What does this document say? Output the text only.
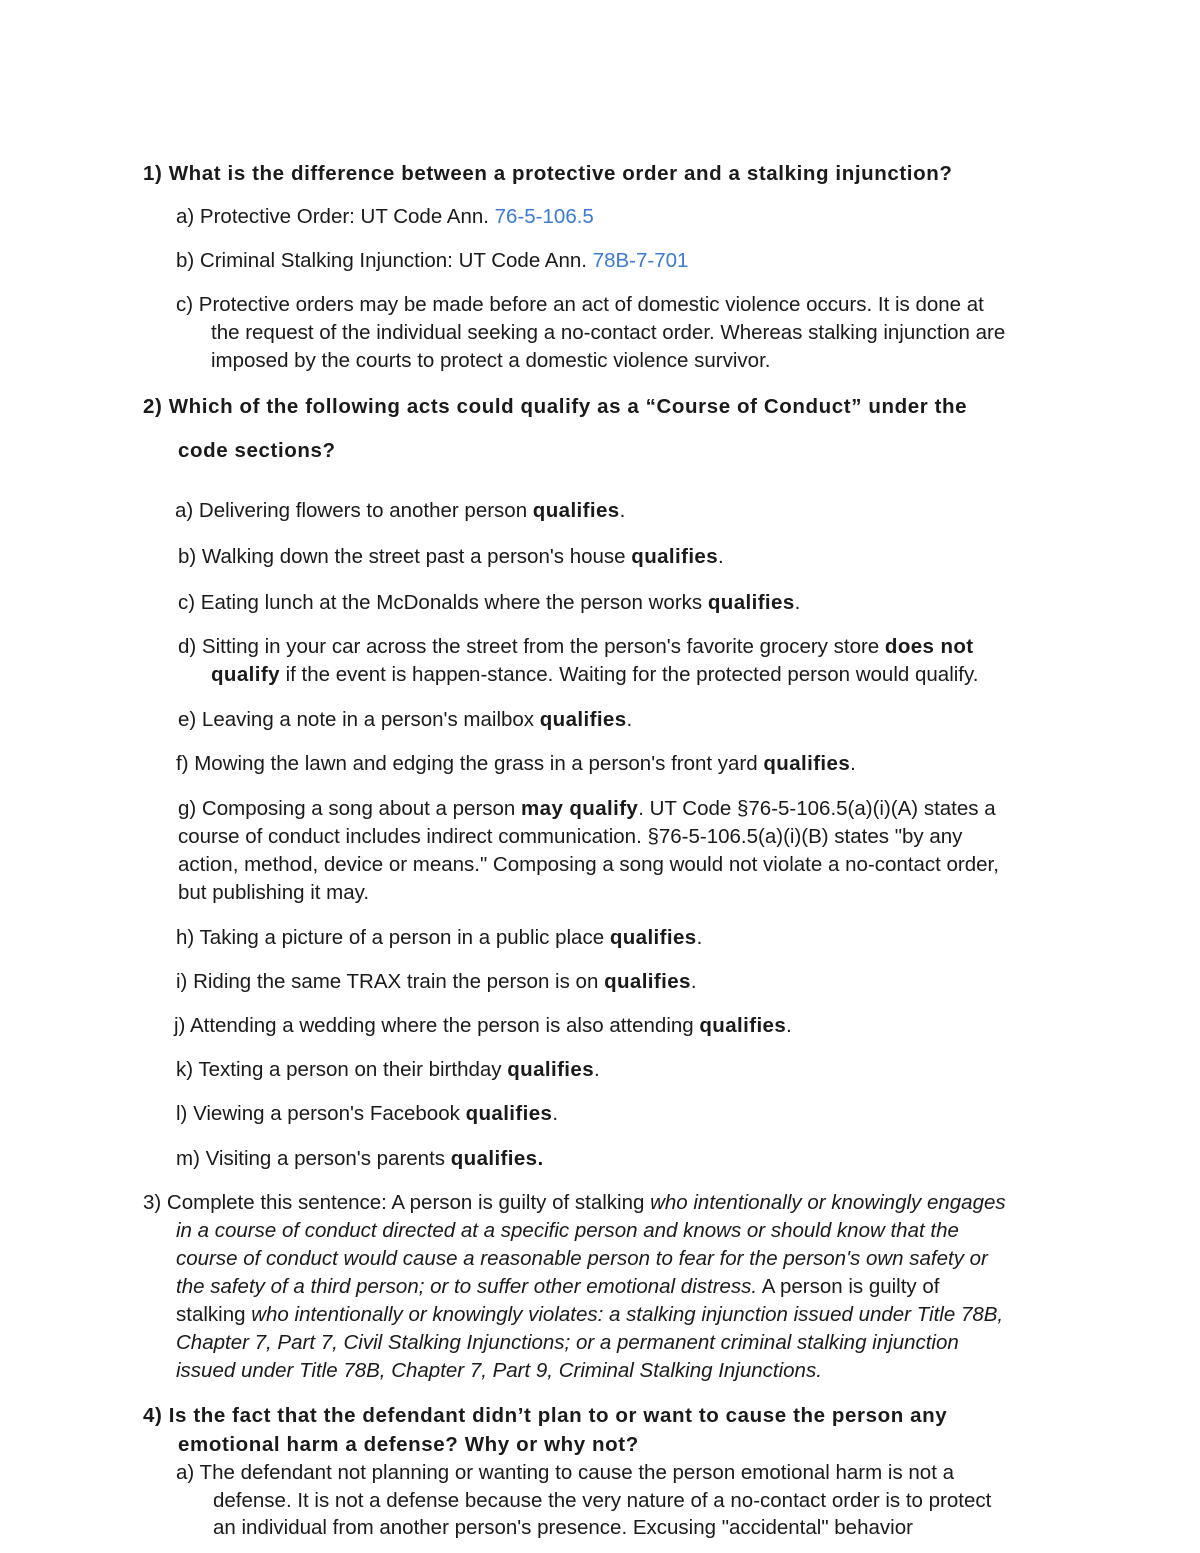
1) What is the difference between a protective order and a stalking injunction?
a) Protective Order: UT Code Ann. 76-5-106.5
b) Criminal Stalking Injunction: UT Code Ann. 78B-7-701
c) Protective orders may be made before an act of domestic violence occurs. It is done at
the request of the individual seeking a no-contact order. Whereas stalking injunction are
imposed by the courts to protect a domestic violence survivor.
2) Which of the following acts could qualify as a “Course of Conduct” under the
code sections?
a) Delivering flowers to another person qualifies.
b) Walking down the street past a person's house qualifies.
c) Eating lunch at the McDonalds where the person works qualifies.
d) Sitting in your car across the street from the person's favorite grocery store does not
qualify if the event is happen-stance. Waiting for the protected person would qualify.
e) Leaving a note in a person's mailbox qualifies.
f) Mowing the lawn and edging the grass in a person's front yard qualifies.
g) Composing a song about a person may qualify. UT Code §76-5-106.5(a)(i)(A) states a
course of conduct includes indirect communication. §76-5-106.5(a)(i)(B) states "by any
action, method, device or means." Composing a song would not violate a no-contact order,
but publishing it may.
h) Taking a picture of a person in a public place qualifies.
i) Riding the same TRAX train the person is on qualifies.
j) Attending a wedding where the person is also attending qualifies.
k) Texting a person on their birthday qualifies.
l) Viewing a person's Facebook qualifies.
m) Visiting a person's parents qualifies.
3) Complete this sentence: A person is guilty of stalking who intentionally or knowingly engages
in a course of conduct directed at a specific person and knows or should know that the
course of conduct would cause a reasonable person to fear for the person's own safety or
the safety of a third person; or to suffer other emotional distress. A person is guilty of
stalking who intentionally or knowingly violates: a stalking injunction issued under Title 78B,
Chapter 7, Part 7, Civil Stalking Injunctions; or a permanent criminal stalking injunction
issued under Title 78B, Chapter 7, Part 9, Criminal Stalking Injunctions.
4) Is the fact that the defendant didn’t plan to or want to cause the person any
emotional harm a defense? Why or why not?
a) The defendant not planning or wanting to cause the person emotional harm is not a
defense. It is not a defense because the very nature of a no-contact order is to protect
an individual from another person's presence. Excusing "accidental" behavior
